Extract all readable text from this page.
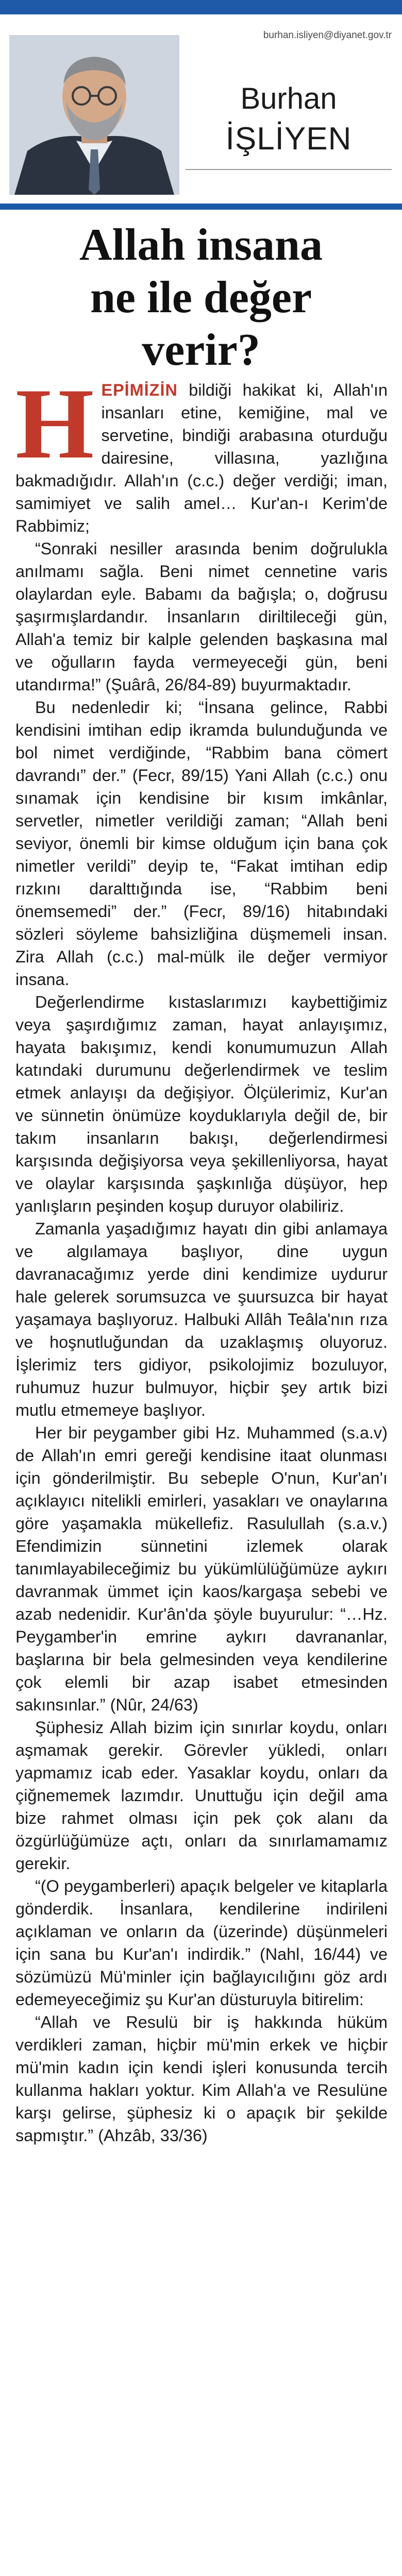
burhan.isliyen@diyanet.gov.tr
Burhan
İŞLİYEN
Allah insana
ne ile değer
verir?

HEPİMİZİN bildiği hakikat ki, Allah'ın insanları etine, kemiğine, mal ve servetine, bindiği arabasına oturduğu dairesine, villasına, yazlığına bakmadığıdır. Allah'ın (c.c.) değer verdiği; iman, samimiyet ve salih amel… Kur'an-ı Kerim'de Rabbimiz;

“Sonraki nesiller arasında benim doğrulukla anılmamı sağla. Beni nimet cennetine varis olaylardan eyle. Babamı da bağışla; o, doğrusu şaşırmışlardandır. İnsanların diriltileceği gün, Allah'a temiz bir kalple gelenden başkasına mal ve oğulların fayda vermeyeceği gün, beni utandırma!” (Şuârâ, 26/84-89) buyurmaktadır.

Bu nedenledir ki; “İnsana gelince, Rabbi kendisini imtihan edip ikramda bulunduğunda ve bol nimet verdiğinde, “Rabbim bana cömert davrandı” der.” (Fecr, 89/15) Yani Allah (c.c.) onu sınamak için kendisine bir kısım imkânlar, servetler, nimetler verildiği zaman; “Allah beni seviyor, önemli bir kimse olduğum için bana çok nimetler verildi” deyip te, “Fakat imtihan edip rızkını daralttığında ise, “Rabbim beni önemsemedi” der.” (Fecr, 89/16) hitabındaki sözleri söyleme bahsizliğina düşmemeli insan. Zira Allah (c.c.) mal-mülk ile değer vermiyor insana.

Değerlendirme kıstaslarımızı kaybettiğimiz veya şaşırdığımız zaman, hayat anlayışımız, hayata bakışımız, kendi konumumuzun Allah katındaki durumunu değerlendirmek ve teslim etmek anlayışı da değişiyor. Ölçülerimiz, Kur'an ve sünnetin önümüze koyduklarıyla değil de, bir takım insanların bakışı, değerlendirmesi karşısında değişiyorsa veya şekillenliyorsa, hayat ve olaylar karşısında şaşkınlığa düşüyor, hep yanlışların peşinden koşup duruyor olabiliriz.

Zamanla yaşadığımız hayatı din gibi anlamaya ve algılamaya başlıyor, dine uygun davranacağımız yerde dini kendimize uydurur hale gelerek sorumsuzca ve şuursuzca bir hayat yaşamaya başlıyoruz. Halbuki Allâh Teâla'nın rıza ve hoşnutluğundan da uzaklaşmış oluyoruz. İşlerimiz ters gidiyor, psikolojimiz bozuluyor, ruhumuz huzur bulmuyor, hiçbir şey artık bizi mutlu etmemeye başlıyor.

Her bir peygamber gibi Hz. Muhammed (s.a.v) de Allah'ın emri gereği kendisine itaat olunması için gönderilmiştir. Bu sebeple O'nun, Kur'an'ı açıklayıcı nitelikli emirleri, yasakları ve onaylarına göre yaşamakla mükellefiz. Rasulullah (s.a.v.) Efendimizin sünnetini izlemek olarak tanımlayabileceğimiz bu yükümlülüğümüze aykırı davranmak ümmet için kaos/kargaşa sebebi ve azab nedenidir. Kur'ân'da şöyle buyurulur: “…Hz. Peygamber'in emrine aykırı davrananlar, başlarına bir bela gelmesinden veya kendilerine çok elemli bir azap isabet etmesinden sakınsınlar.” (Nûr, 24/63)

Şüphesiz Allah bizim için sınırlar koydu, onları aşmamak gerekir. Görevler yükledi, onları yapmamız icab eder. Yasaklar koydu, onları da çiğnememek lazımdır. Unuttuğu için değil ama bize rahmet olması için pek çok alanı da özgürlüğümüze açtı, onları da sınırlamamamız gerekir.

“(O peygamberleri) apaçık belgeler ve kitaplarla gönderdik. İnsanlara, kendilerine indirileni açıklaman ve onların da (üzerinde) düşünmeleri için sana bu Kur'an'ı indirdik.” (Nahl, 16/44) ve sözümüzü Mü'minler için bağlayıcılığını göz ardı edemeyeceğimiz şu Kur'an düsturuyla bitirelim:

“Allah ve Resulü bir iş hakkında hüküm verdikleri zaman, hiçbir mü'min erkek ve hiçbir mü'min kadın için kendi işleri konusunda tercih kullanma hakları yoktur. Kim Allah'a ve Resulüne karşı gelirse, şüphesiz ki o apaçık bir şekilde sapmıştır.” (Ahzâb, 33/36)
